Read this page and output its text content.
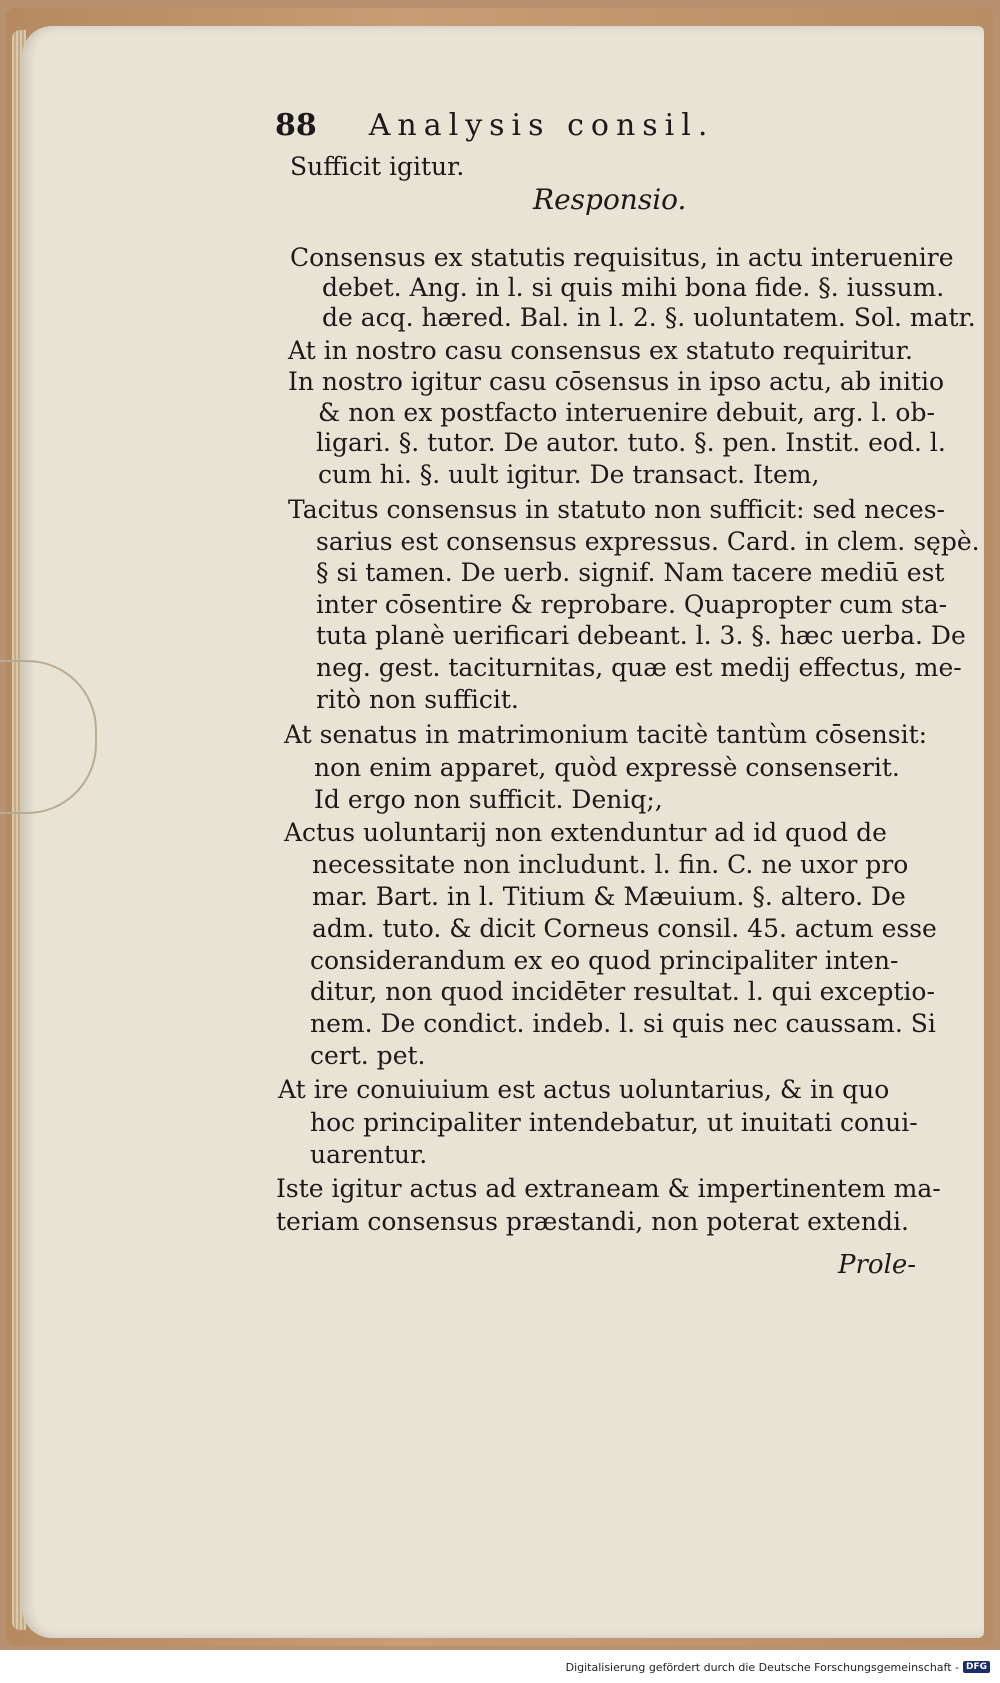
88 Analysis consil.
Sufficit igitur.
Responsio.
Consensus ex statutis requisitus, in actu interuenire
debet. Ang. in l. si quis mihi bona fide. §. iussum.
de acq. hæred. Bal. in l. 2. §. uoluntatem. Sol. matr.
At in nostro casu consensus ex statuto requiritur.
In nostro igitur casu cōsensus in ipso actu, ab initio
& non ex postfacto interuenire debuit, arg. l. ob-
ligari. §. tutor. De autor. tuto. §. pen. Instit. eod. l.
cum hi. §. uult igitur. De transact. Item,
Tacitus consensus in statuto non sufficit: sed neces-
sarius est consensus expressus. Card. in clem. sępè.
§ si tamen. De uerb. signif. Nam tacere mediū est
inter cōsentire & reprobare. Quapropter cum sta-
tuta planè uerificari debeant. l. 3. §. hæc uerba. De
neg. gest. taciturnitas, quæ est medij effectus, me-
ritò non sufficit.
At senatus in matrimonium tacitè tantùm cōsensit:
non enim apparet, quòd expressè consenserit.
Id ergo non sufficit. Deniq;,
Actus uoluntarij non extenduntur ad id quod de
necessitate non includunt. l. fin. C. ne uxor pro
mar. Bart. in l. Titium & Mæuium. §. altero. De
adm. tuto. & dicit Corneus consil. 45. actum esse
considerandum ex eo quod principaliter inten-
ditur, non quod incidēter resultat. l. qui exceptio-
nem. De condict. indeb. l. si quis nec caussam. Si
cert. pet.
At ire conuiuium est actus uoluntarius, & in quo
hoc principaliter intendebatur, ut inuitati conui-
uarentur.
Iste igitur actus ad extraneam & impertinentem ma-
teriam consensus præstandi, non poterat extendi.
Prole-
Digitalisierung gefördert durch die Deutsche Forschungsgemeinschaft - DFG
